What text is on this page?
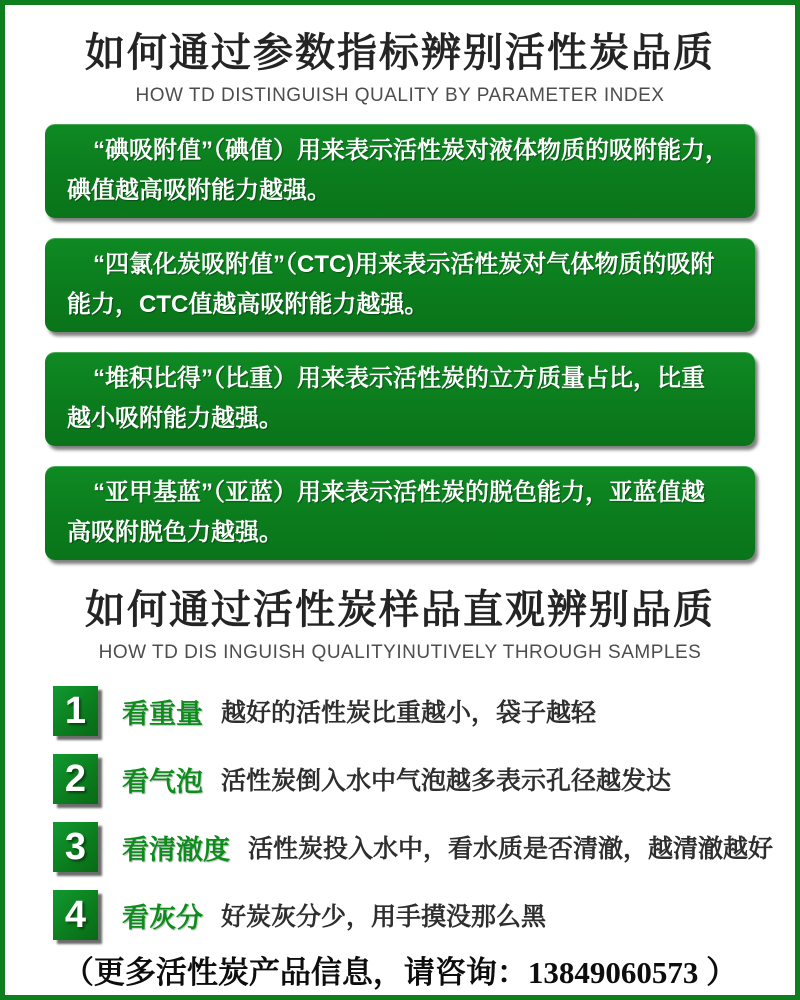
如何通过参数指标辨别活性炭品质
HOW TD DISTINGUISH QUALITY BY PARAMETER INDEX
“碘吸附值”（碘值）用来表示活性炭对液体物质的吸附能力，
碘值越高吸附能力越强。
“四氯化炭吸附值”（CTC)用来表示活性炭对气体物质的吸附
能力，CTC值越高吸附能力越强。
“堆积比得”（比重）用来表示活性炭的立方质量占比，比重
越小吸附能力越强。
“亚甲基蓝”（亚蓝）用来表示活性炭的脱色能力，亚蓝值越
高吸附脱色力越强。
如何通过活性炭样品直观辨别品质
HOW TD DIS INGUISH QUALITYINUTIVELY THROUGH SAMPLES
1	看重量 越好的活性炭比重越小，袋子越轻
2	看气泡 活性炭倒入水中气泡越多表示孔径越发达
3	看清澈度 活性炭投入水中，看水质是否清澈，越清澈越好
4	看灰分 好炭灰分少，用手摸没那么黑
（更多活性炭产品信息，请咨询：13849060573 ）
